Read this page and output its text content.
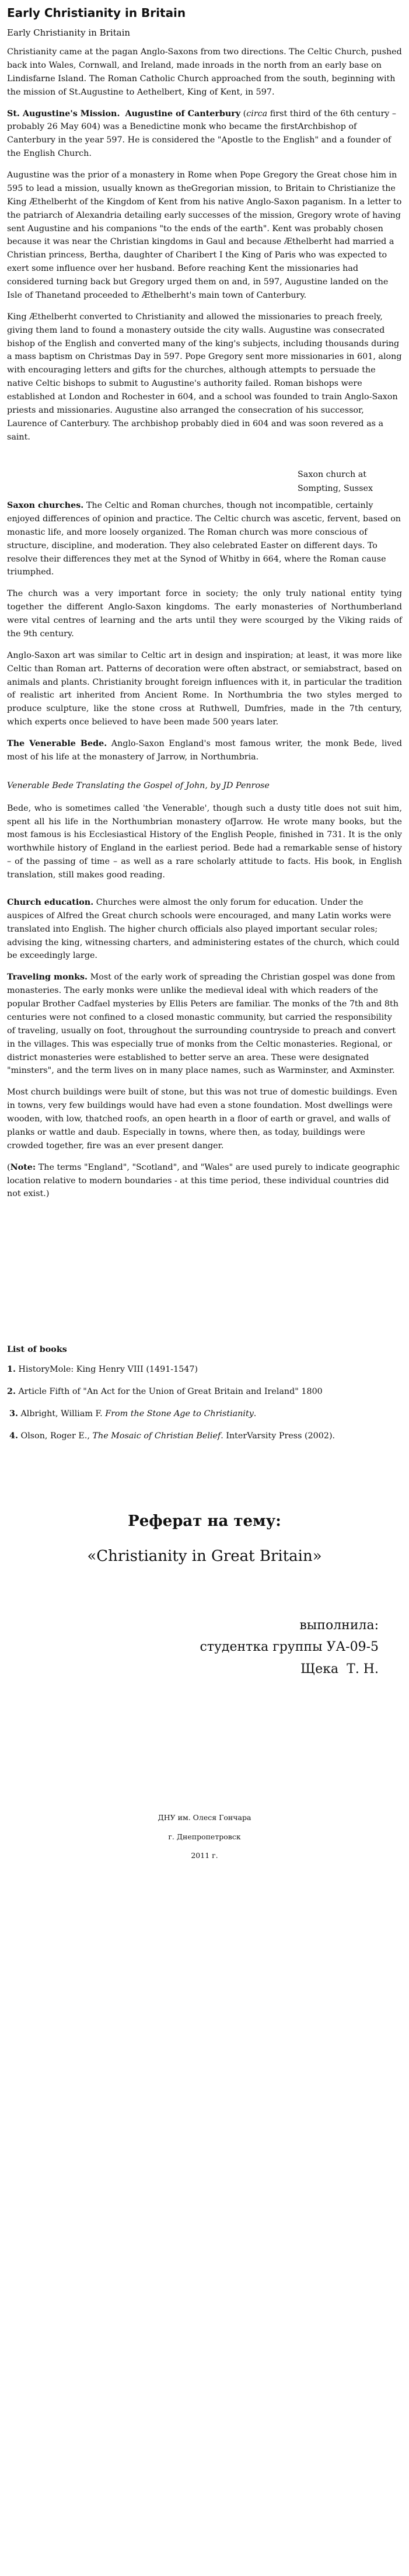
Early Christianity in Britain
Early Christianity in Britain

Christianity came at the pagan Anglo-Saxons from two directions. The Celtic Church, pushed back into Wales, Cornwall, and Ireland, made inroads in the north from an early base on Lindisfarne Island. The Roman Catholic Church approached from the south, beginning with the mission of St.Augustine to Aethelbert, King of Kent, in 597.

St. Augustine's Mission. Augustine of Canterbury (circa first third of the 6th century – probably 26 May 604) was a Benedictine monk who became the firstArchbishop of Canterbury in the year 597. He is considered the "Apostle to the English" and a founder of the English Church.

Augustine was the prior of a monastery in Rome when Pope Gregory the Great chose him in 595 to lead a mission, usually known as theGregorian mission, to Britain to Christianize the King Æthelberht of the Kingdom of Kent from his native Anglo-Saxon paganism. In a letter to the patriarch of Alexandria detailing early successes of the mission, Gregory wrote of having sent Augustine and his companions "to the ends of the earth". Kent was probably chosen because it was near the Christian kingdoms in Gaul and because Æthelberht had married a Christian princess, Bertha, daughter of Charibert I the King of Paris who was expected to exert some influence over her husband. Before reaching Kent the missionaries had considered turning back but Gregory urged them on and, in 597, Augustine landed on the Isle of Thanetand proceeded to Æthelberht's main town of Canterbury.

King Æthelberht converted to Christianity and allowed the missionaries to preach freely, giving them land to found a monastery outside the city walls. Augustine was consecrated bishop of the English and converted many of the king's subjects, including thousands during a mass baptism on Christmas Day in 597. Pope Gregory sent more missionaries in 601, along with encouraging letters and gifts for the churches, although attempts to persuade the native Celtic bishops to submit to Augustine's authority failed. Roman bishops were established at London and Rochester in 604, and a school was founded to train Anglo-Saxon priests and missionaries. Augustine also arranged the consecration of his successor, Laurence of Canterbury. The archbishop probably died in 604 and was soon revered as a saint.

Saxon church at
Sompting, Sussex

Saxon churches. The Celtic and Roman churches, though not incompatible, certainly enjoyed differences of opinion and practice. The Celtic church was ascetic, fervent, based on monastic life, and more loosely organized. The Roman church was more conscious of structure, discipline, and moderation. They also celebrated Easter on different days. To resolve their differences they met at the Synod of Whitby in 664, where the Roman cause triumphed.

The church was a very important force in society; the only truly national entity tying together the different Anglo-Saxon kingdoms. The early monasteries of Northumberland were vital centres of learning and the arts until they were scourged by the Viking raids of the 9th century.

Anglo-Saxon art was similar to Celtic art in design and inspiration; at least, it was more like Celtic than Roman art. Patterns of decoration were often abstract, or semiabstract, based on animals and plants. Christianity brought foreign influences with it, in particular the tradition of realistic art inherited from Ancient Rome. In Northumbria the two styles merged to produce sculpture, like the stone cross at Ruthwell, Dumfries, made in the 7th century, which experts once believed to have been made 500 years later.

The Venerable Bede. Anglo-Saxon England's most famous writer, the monk Bede, lived most of his life at the monastery of Jarrow, in Northumbria.

Venerable Bede Translating the Gospel of John, by JD Penrose

Bede, who is sometimes called 'the Venerable', though such a dusty title does not suit him, spent all his life in the Northumbrian monastery ofJarrow. He wrote many books, but the most famous is his Ecclesiastical History of the English People, finished in 731. It is the only worthwhile history of England in the earliest period. Bede had a remarkable sense of history – of the passing of time – as well as a rare scholarly attitude to facts. His book, in English translation, still makes good reading.

Church education. Churches were almost the only forum for education. Under the auspices of Alfred the Great church schools were encouraged, and many Latin works were translated into English. The higher church officials also played important secular roles; advising the king, witnessing charters, and administering estates of the church, which could be exceedingly large.

Traveling monks. Most of the early work of spreading the Christian gospel was done from monasteries. The early monks were unlike the medieval ideal with which readers of the popular Brother Cadfael mysteries by Ellis Peters are familiar. The monks of the 7th and 8th centuries were not confined to a closed monastic community, but carried the responsibility of traveling, usually on foot, throughout the surrounding countryside to preach and convert in the villages. This was especially true of monks from the Celtic monasteries. Regional, or district monasteries were established to better serve an area. These were designated "minsters", and the term lives on in many place names, such as Warminster, and Axminster.

Most church buildings were built of stone, but this was not true of domestic buildings. Even in towns, very few buildings would have had even a stone foundation. Most dwellings were wooden, with low, thatched roofs, an open hearth in a floor of earth or gravel, and walls of planks or wattle and daub. Especially in towns, where then, as today, buildings were crowded together, fire was an ever present danger.

(Note: The terms "England", "Scotland", and "Wales" are used purely to indicate geographic location relative to modern boundaries - at this time period, these individual countries did not exist.)

List of books
1. HistoryMole: King Henry VIII (1491-1547)
2. Article Fifth of "An Act for the Union of Great Britain and Ireland" 1800
3. Albright, William F. From the Stone Age to Christianity.
4. Olson, Roger E., The Mosaic of Christian Belief. InterVarsity Press (2002).
Реферат на тему:
«Christianity in Great Britain»
выполнила:
студентка группы УА-09-5
Щека  Т. Н.
ДНУ им. Олеся Гончара
г. Днепропетровск
2011 г.
